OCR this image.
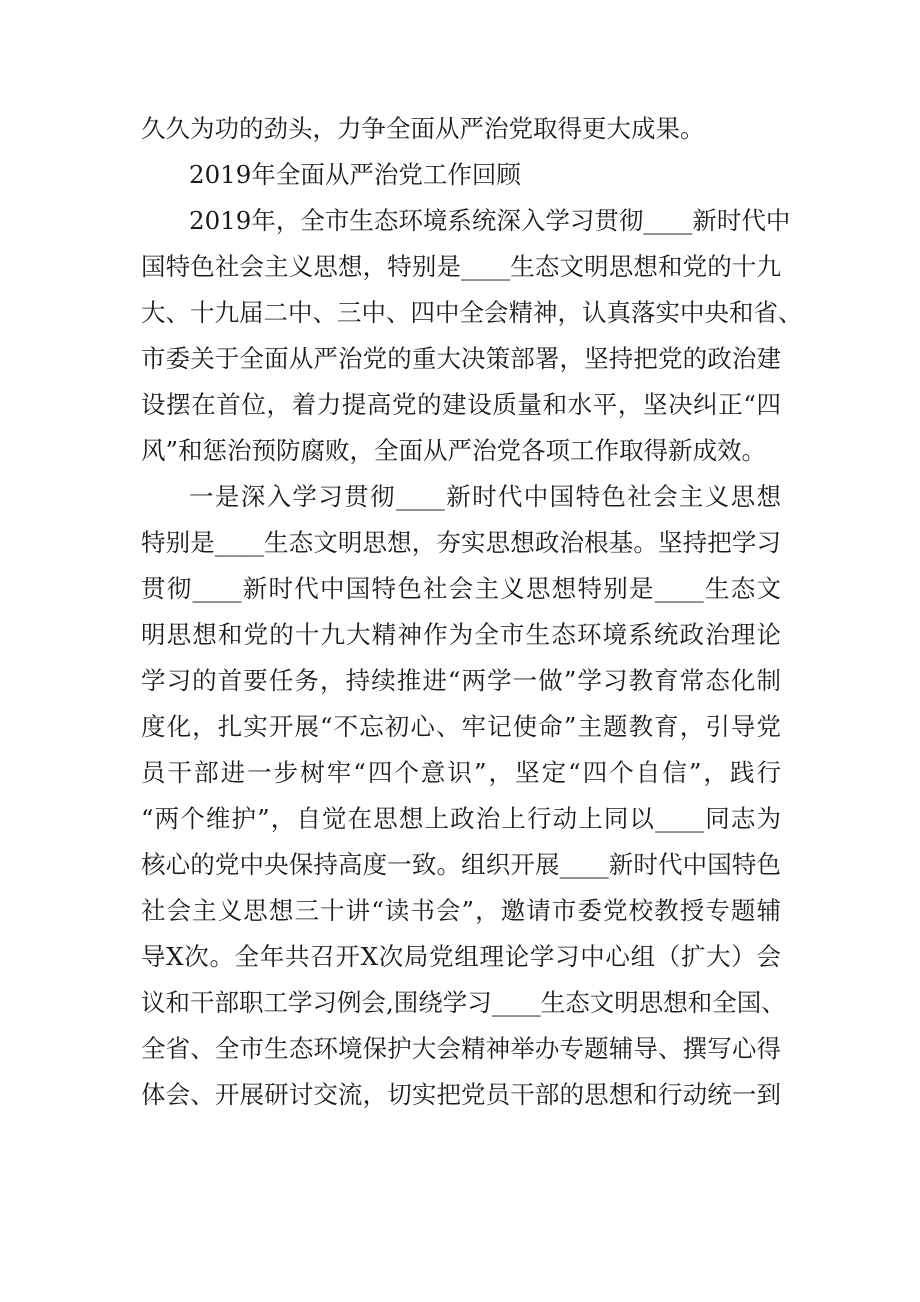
久久为功的劲头，力争全面从严治党取得更大成果。
2019年全面从严治党工作回顾
2019年，全市生态环境系统深入学习贯彻____新时代中
国特色社会主义思想，特别是____生态文明思想和党的十九
大、十九届二中、三中、四中全会精神，认真落实中央和省、
市委关于全面从严治党的重大决策部署，坚持把党的政治建
设摆在首位，着力提高党的建设质量和水平，坚决纠正“四
风”和惩治预防腐败，全面从严治党各项工作取得新成效。
一是深入学习贯彻____新时代中国特色社会主义思想
特别是____生态文明思想，夯实思想政治根基。坚持把学习
贯彻____新时代中国特色社会主义思想特别是____生态文
明思想和党的十九大精神作为全市生态环境系统政治理论
学习的首要任务，持续推进“两学一做”学习教育常态化制
度化，扎实开展“不忘初心、牢记使命”主题教育，引导党
员干部进一步树牢“四个意识”，坚定“四个自信”，践行
“两个维护”，自觉在思想上政治上行动上同以____同志为
核心的党中央保持高度一致。组织开展____新时代中国特色
社会主义思想三十讲“读书会”，邀请市委党校教授专题辅
导X次。全年共召开X次局党组理论学习中心组（扩大）会
议和干部职工学习例会,围绕学习____生态文明思想和全国、
全省、全市生态环境保护大会精神举办专题辅导、撰写心得
体会、开展研讨交流，切实把党员干部的思想和行动统一到
